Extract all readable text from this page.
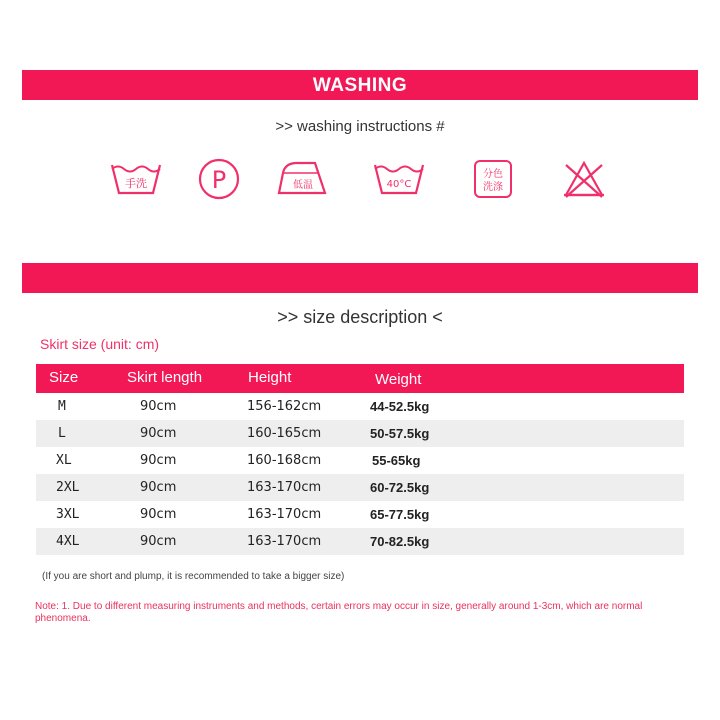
WASHING
>> washing instructions #
手洗	P	低温	40°C
分色
洗涤
>> size description <
Skirt size (unit: cm)
Size	Skirt length	Height	Weight
M	90cm	156-162cm	44-52.5kg
L	90cm	160-165cm	50-57.5kg
XL	90cm	160-168cm	55-65kg
2XL	90cm	163-170cm	60-72.5kg
3XL	90cm	163-170cm	65-77.5kg
4XL	90cm	163-170cm	70-82.5kg
(If you are short and plump, it is recommended to take a bigger size)
Note: 1. Due to different measuring instruments and methods, certain errors may occur in size, generally around 1-3cm, which are normal phenomena.
